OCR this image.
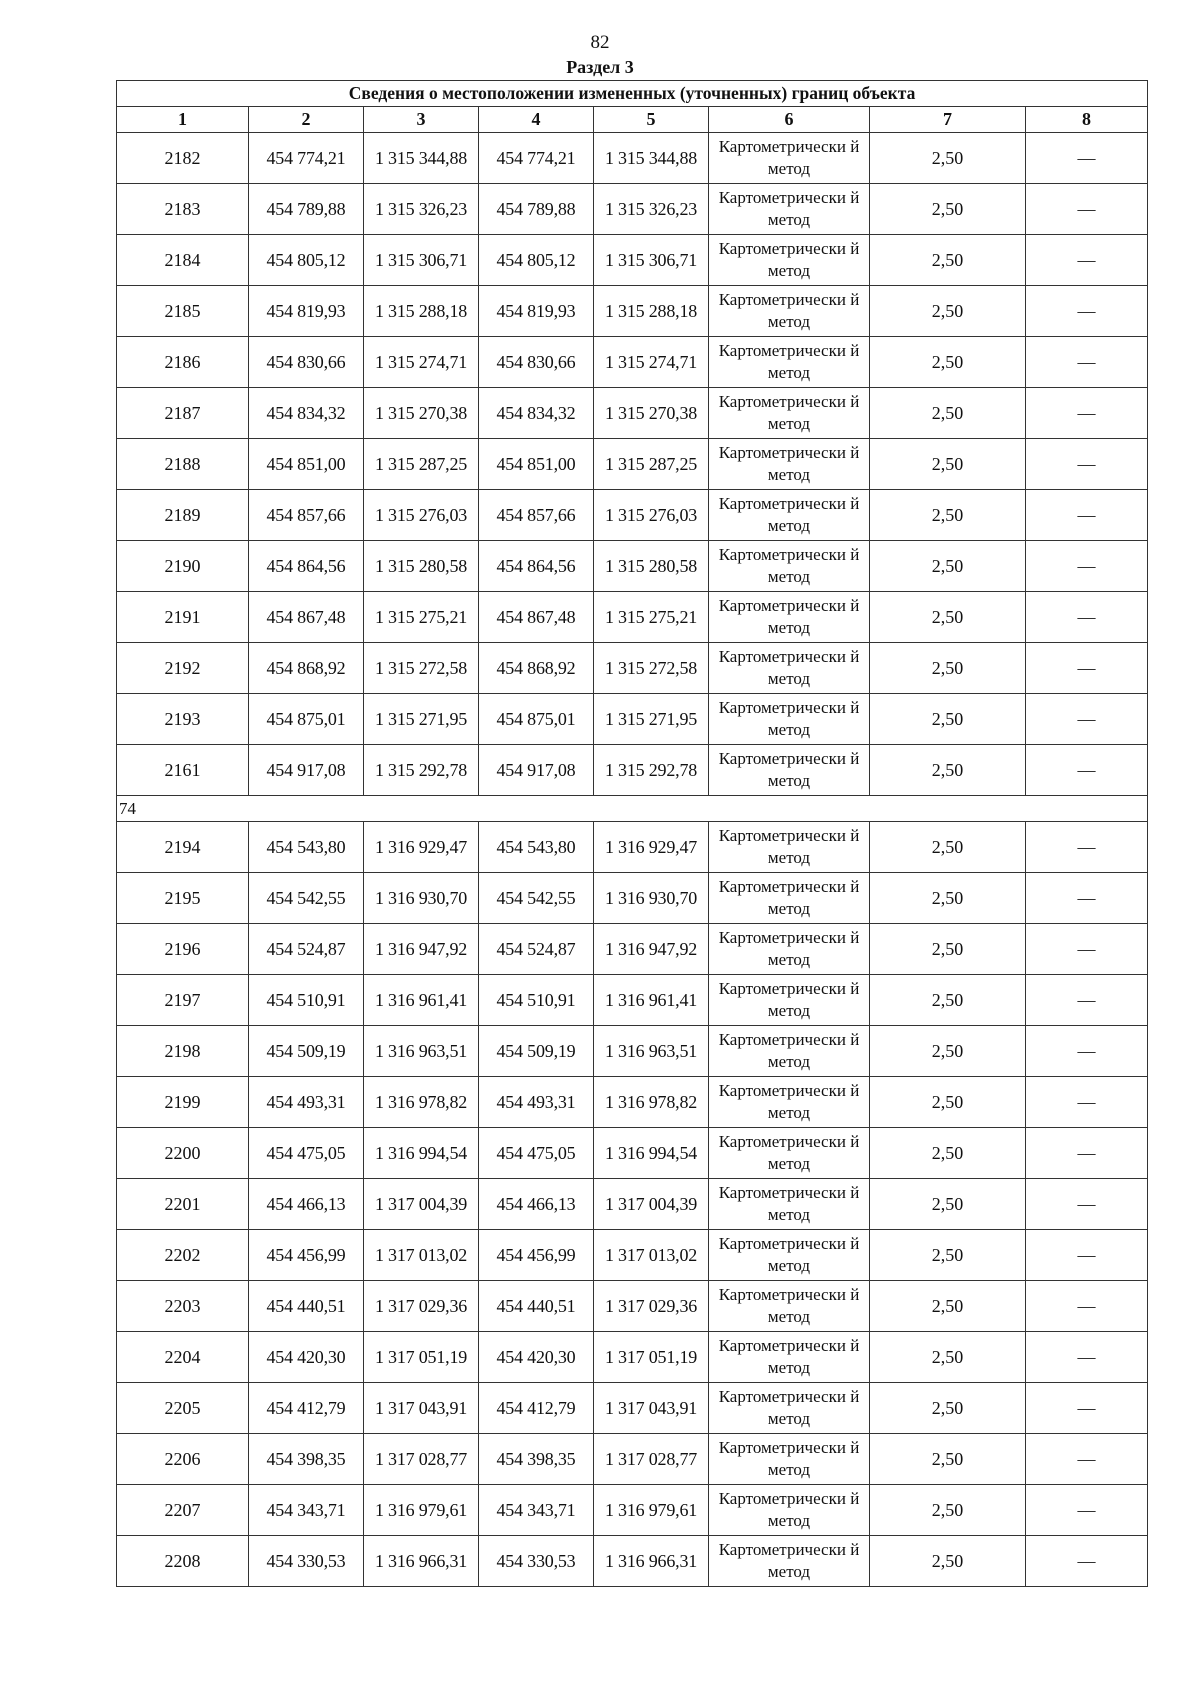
82
Раздел 3
Сведения о местоположении измененных (уточненных) границ объекта							
1	2	3	4	5	6	7	8
2182	454 774,21	1 315 344,88	454 774,21	1 315 344,88	Картометрически й метод	2,50	—
2183	454 789,88	1 315 326,23	454 789,88	1 315 326,23	Картометрически й метод	2,50	—
2184	454 805,12	1 315 306,71	454 805,12	1 315 306,71	Картометрически й метод	2,50	—
2185	454 819,93	1 315 288,18	454 819,93	1 315 288,18	Картометрически й метод	2,50	—
2186	454 830,66	1 315 274,71	454 830,66	1 315 274,71	Картометрически й метод	2,50	—
2187	454 834,32	1 315 270,38	454 834,32	1 315 270,38	Картометрически й метод	2,50	—
2188	454 851,00	1 315 287,25	454 851,00	1 315 287,25	Картометрически й метод	2,50	—
2189	454 857,66	1 315 276,03	454 857,66	1 315 276,03	Картометрически й метод	2,50	—
2190	454 864,56	1 315 280,58	454 864,56	1 315 280,58	Картометрически й метод	2,50	—
2191	454 867,48	1 315 275,21	454 867,48	1 315 275,21	Картометрически й метод	2,50	—
2192	454 868,92	1 315 272,58	454 868,92	1 315 272,58	Картометрически й метод	2,50	—
2193	454 875,01	1 315 271,95	454 875,01	1 315 271,95	Картометрически й метод	2,50	—
2161	454 917,08	1 315 292,78	454 917,08	1 315 292,78	Картометрически й метод	2,50	—
74							
2194	454 543,80	1 316 929,47	454 543,80	1 316 929,47	Картометрически й метод	2,50	—
2195	454 542,55	1 316 930,70	454 542,55	1 316 930,70	Картометрически й метод	2,50	—
2196	454 524,87	1 316 947,92	454 524,87	1 316 947,92	Картометрически й метод	2,50	—
2197	454 510,91	1 316 961,41	454 510,91	1 316 961,41	Картометрически й метод	2,50	—
2198	454 509,19	1 316 963,51	454 509,19	1 316 963,51	Картометрически й метод	2,50	—
2199	454 493,31	1 316 978,82	454 493,31	1 316 978,82	Картометрически й метод	2,50	—
2200	454 475,05	1 316 994,54	454 475,05	1 316 994,54	Картометрически й метод	2,50	—
2201	454 466,13	1 317 004,39	454 466,13	1 317 004,39	Картометрически й метод	2,50	—
2202	454 456,99	1 317 013,02	454 456,99	1 317 013,02	Картометрически й метод	2,50	—
2203	454 440,51	1 317 029,36	454 440,51	1 317 029,36	Картометрически й метод	2,50	—
2204	454 420,30	1 317 051,19	454 420,30	1 317 051,19	Картометрически й метод	2,50	—
2205	454 412,79	1 317 043,91	454 412,79	1 317 043,91	Картометрически й метод	2,50	—
2206	454 398,35	1 317 028,77	454 398,35	1 317 028,77	Картометрически й метод	2,50	—
2207	454 343,71	1 316 979,61	454 343,71	1 316 979,61	Картометрически й метод	2,50	—
2208	454 330,53	1 316 966,31	454 330,53	1 316 966,31	Картометрически й метод	2,50	—
